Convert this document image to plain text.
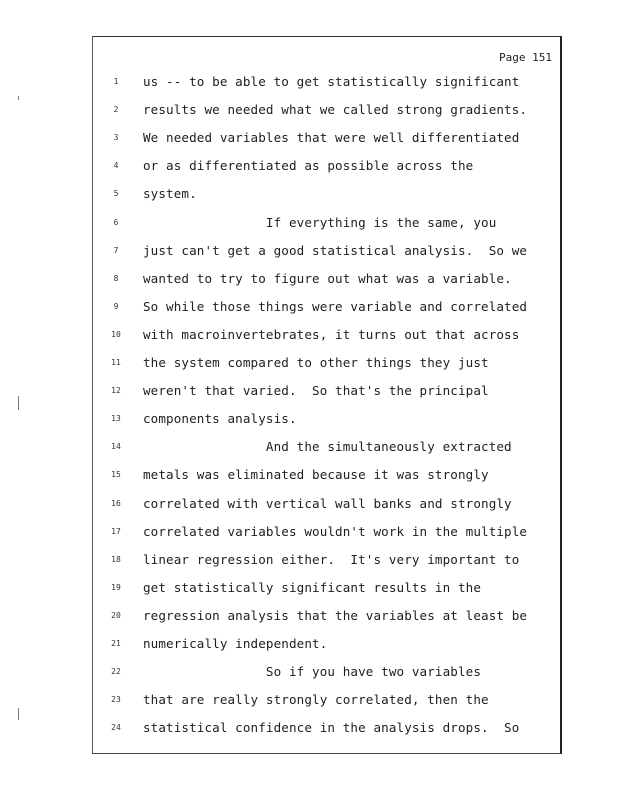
Page 151
1	us -- to be able to get statistically significant
2	results we needed what we called strong gradients.
3	We needed variables that were well differentiated
4	or as differentiated as possible across the
5	system.
6	If everything is the same, you
7	just can't get a good statistical analysis.  So we
8	wanted to try to figure out what was a variable.
9	So while those things were variable and correlated
10 with macroinvertebrates, it turns out that across
11 the system compared to other things they just
12 weren't that varied.  So that's the principal
13 components analysis.
14 And the simultaneously extracted
15 metals was eliminated because it was strongly
16 correlated with vertical wall banks and strongly
17 correlated variables wouldn't work in the multiple
18 linear regression either.  It's very important to
19 get statistically significant results in the
20 regression analysis that the variables at least be
21 numerically independent.
22 So if you have two variables
23 that are really strongly correlated, then the
24 statistical confidence in the analysis drops.  So
